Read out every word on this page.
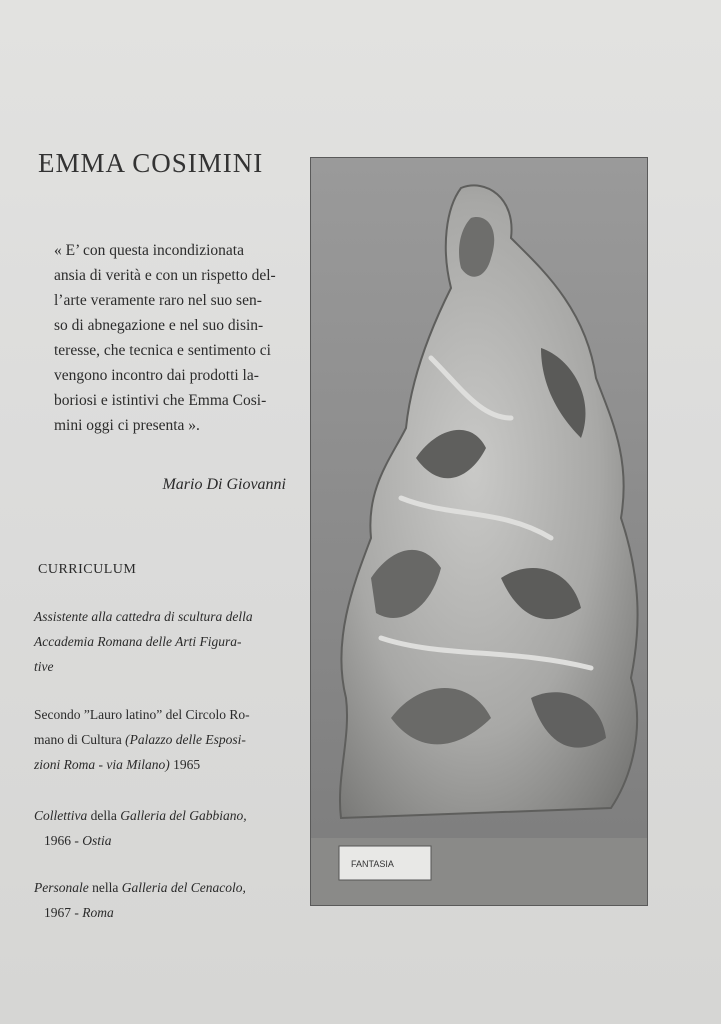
EMMA COSIMINI

« E’ con questa incondizionata

ansia di verità e con un rispetto del-

l’arte veramente raro nel suo sen-

so di abnegazione e nel suo disin-

teresse, che tecnica e sentimento ci

vengono incontro dai prodotti la-

boriosi e istintivi che Emma Cosi-

mini oggi ci presenta ».

Mario Di Giovanni
CURRICULUM
Assistente alla cattedra di scultura della
Accademia Romana delle Arti Figura-
tive
Secondo ”Lauro latino” del Circolo Ro-
mano di Cultura (Palazzo delle Esposi-
zioni Roma - via Milano) 1965
Collettiva della Galleria del Gabbiano,
1966 - Ostia
Personale nella Galleria del Cenacolo,
1967 - Roma
FANTASIA
